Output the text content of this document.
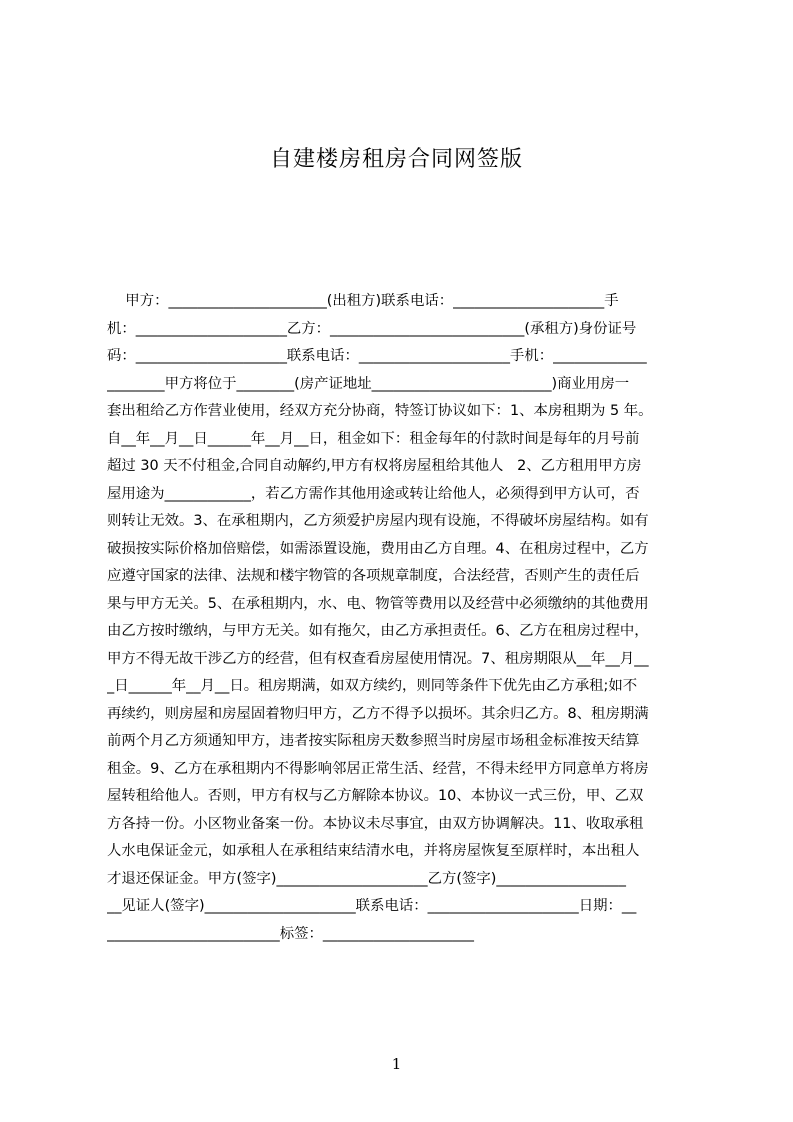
自建楼房租房合同网签版
甲方：______________________(出租方)联系电话：_____________________手
机：_____________________乙方：___________________________(承租方)身份证号
码：_____________________联系电话：_____________________手机：_____________
________甲方将位于________(房产证地址_________________________)商业用房一
套出租给乙方作营业使用，经双方充分协商，特签订协议如下：1、本房租期为 5 年。
自__年__月__日______年__月__日，租金如下：租金每年的付款时间是每年的月号前
超过 30 天不付租金,合同自动解约,甲方有权将房屋租给其他人   2、乙方租用甲方房
屋用途为____________，若乙方需作其他用途或转让给他人，必须得到甲方认可，否
则转让无效。3、在承租期内，乙方须爱护房屋内现有设施，不得破坏房屋结构。如有
破损按实际价格加倍赔偿，如需添置设施，费用由乙方自理。4、在租房过程中，乙方
应遵守国家的法律、法规和楼宇物管的各项规章制度，合法经营，否则产生的责任后
果与甲方无关。5、在承租期内，水、电、物管等费用以及经营中必须缴纳的其他费用
由乙方按时缴纳，与甲方无关。如有拖欠，由乙方承担责任。6、乙方在租房过程中，
甲方不得无故干涉乙方的经营，但有权查看房屋使用情况。7、租房期限从__年__月__
_日______年__月__日。租房期满，如双方续约，则同等条件下优先由乙方承租;如不
再续约，则房屋和房屋固着物归甲方，乙方不得予以损坏。其余归乙方。8、租房期满
前两个月乙方须通知甲方，违者按实际租房天数参照当时房屋市场租金标准按天结算
租金。9、乙方在承租期内不得影响邻居正常生活、经营，不得未经甲方同意单方将房
屋转租给他人。否则，甲方有权与乙方解除本协议。10、本协议一式三份，甲、乙双
方各持一份。小区物业备案一份。本协议未尽事宜，由双方协调解决。11、收取承租
人水电保证金元，如承租人在承租结束结清水电，并将房屋恢复至原样时，本出租人
才退还保证金。甲方(签字)_____________________乙方(签字)__________________
__见证人(签字)_____________________联系电话：_____________________日期：__
________________________标签：_____________________
1
